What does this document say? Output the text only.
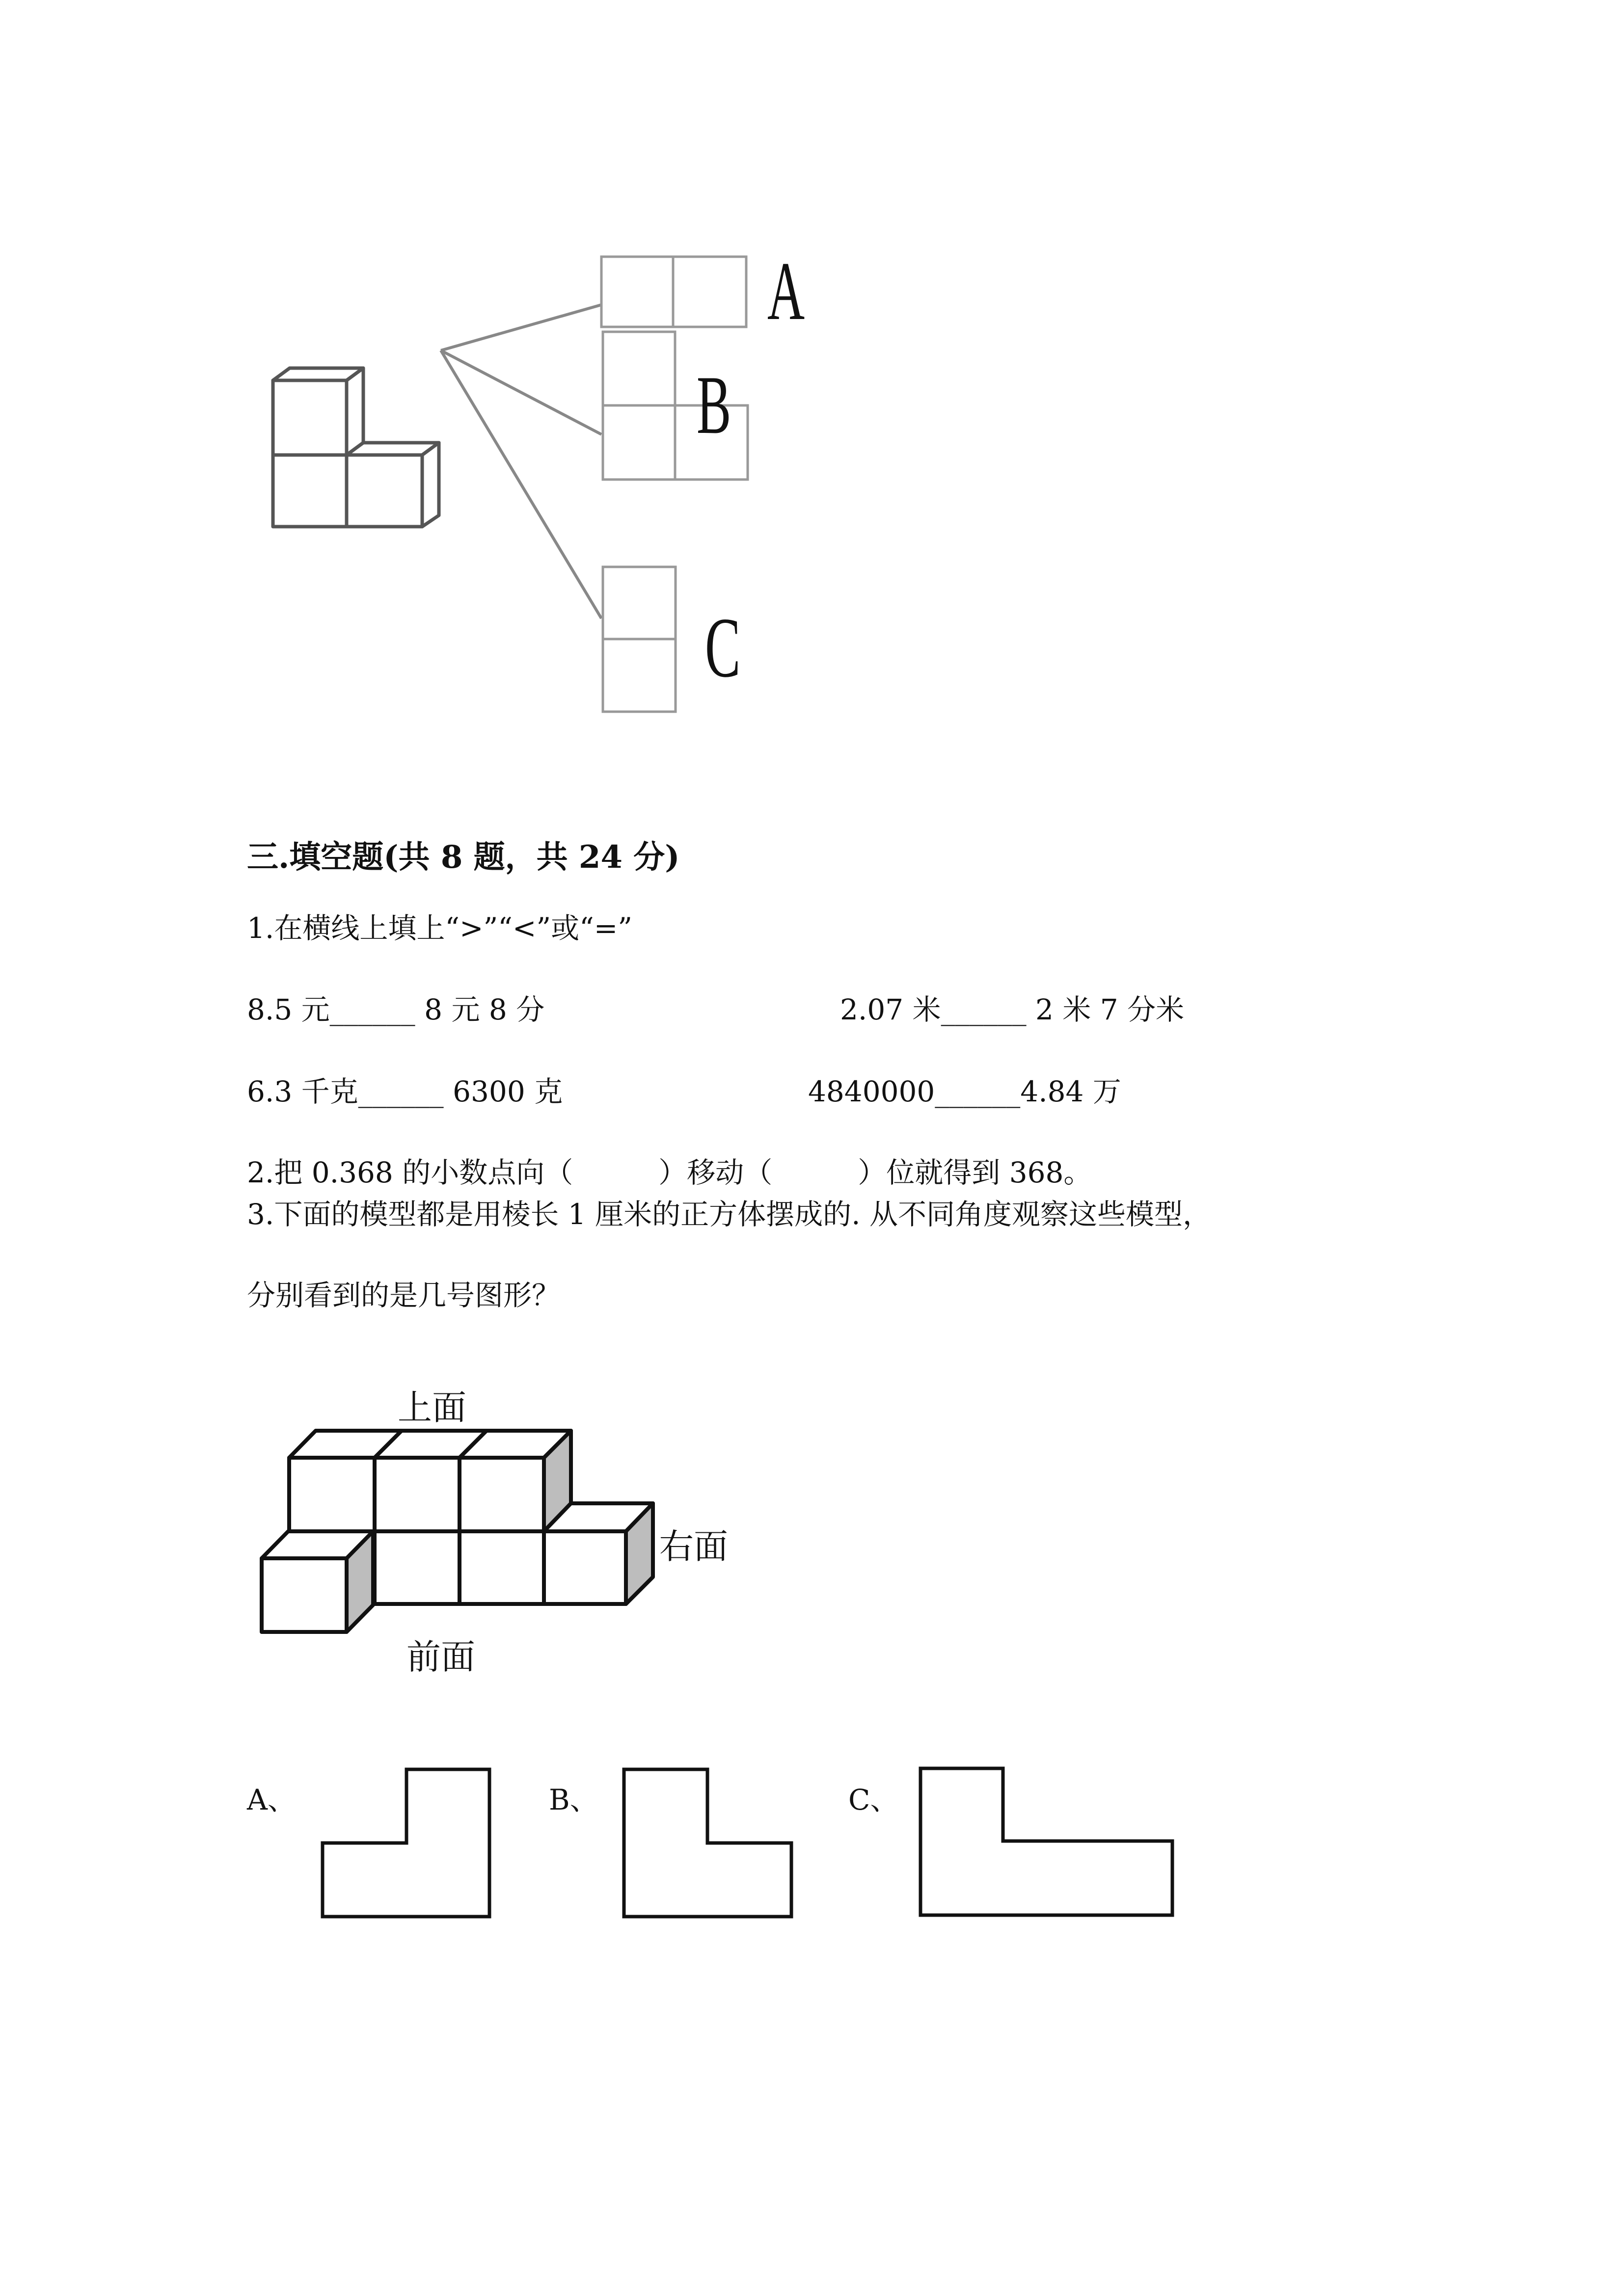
A
B
C
三.填空题(共 8 题，共 24 分)
1.在横线上填上“>”“<”或“=”
8.5 元______ 8 元 8 分	2.07 米______ 2 米 7 分米
6.3 千克______ 6300 克	4840000______4.84 万
2.把 0.368 的小数点向（　　　）移动（　　　）位就得到 368。
3.下面的模型都是用棱长 1 厘米的正方体摆成的. 从不同角度观察这些模型，
分别看到的是几号图形？
上面
右面
前面
A、	B、	C、
